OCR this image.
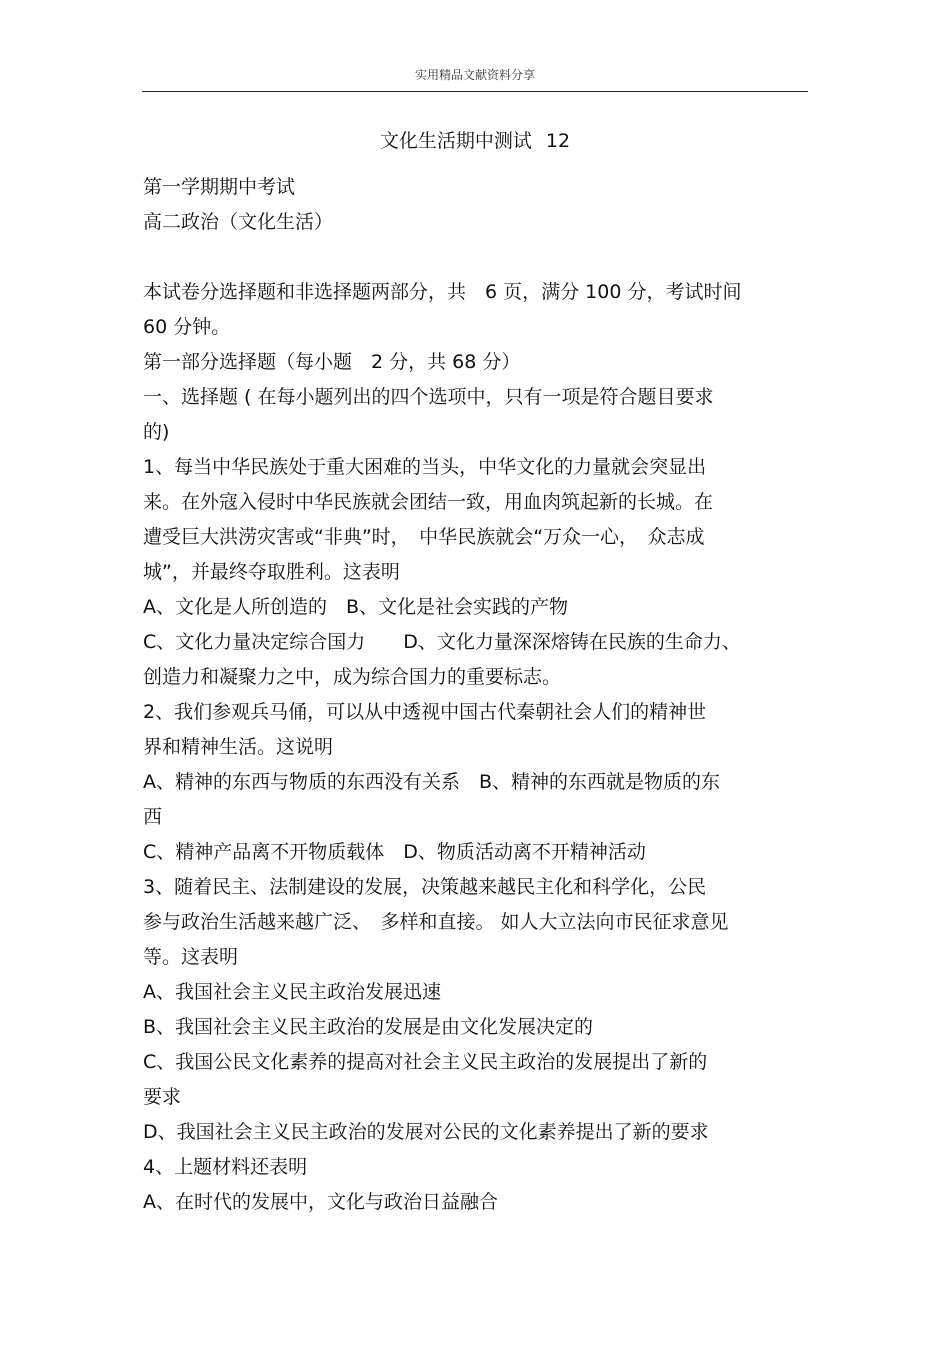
实用精品文献资料分享
文化生活期中测试 12

第一学期期中考试

高二政治（文化生活）

本试卷分选择题和非选择题两部分，共　6 页，满分 100 分，考试时间

60 分钟。

第一部分选择题（每小题　2 分，共 68 分）

一、选择题 ( 在每小题列出的四个选项中，只有一项是符合题目要求

的)

1、每当中华民族处于重大困难的当头，中华文化的力量就会突显出

来。在外寇入侵时中华民族就会团结一致，用血肉筑起新的长城。在

遭受巨大洪涝灾害或“非典”时，　中华民族就会“万众一心，　众志成

城”，并最终夺取胜利。这表明

A、文化是人所创造的　B、文化是社会实践的产物

C、文化力量决定综合国力　　D、文化力量深深熔铸在民族的生命力、

创造力和凝聚力之中，成为综合国力的重要标志。

2、我们参观兵马俑，可以从中透视中国古代秦朝社会人们的精神世

界和精神生活。这说明

A、精神的东西与物质的东西没有关系　B、精神的东西就是物质的东

西

C、精神产品离不开物质载体　D、物质活动离不开精神活动

3、随着民主、法制建设的发展，决策越来越民主化和科学化，公民

参与政治生活越来越广泛、　多样和直接。 如人大立法向市民征求意见

等。这表明

A、我国社会主义民主政治发展迅速

B、我国社会主义民主政治的发展是由文化发展决定的

C、我国公民文化素养的提高对社会主义民主政治的发展提出了新的

要求

D、我国社会主义民主政治的发展对公民的文化素养提出了新的要求

4、上题材料还表明

A、在时代的发展中，文化与政治日益融合
